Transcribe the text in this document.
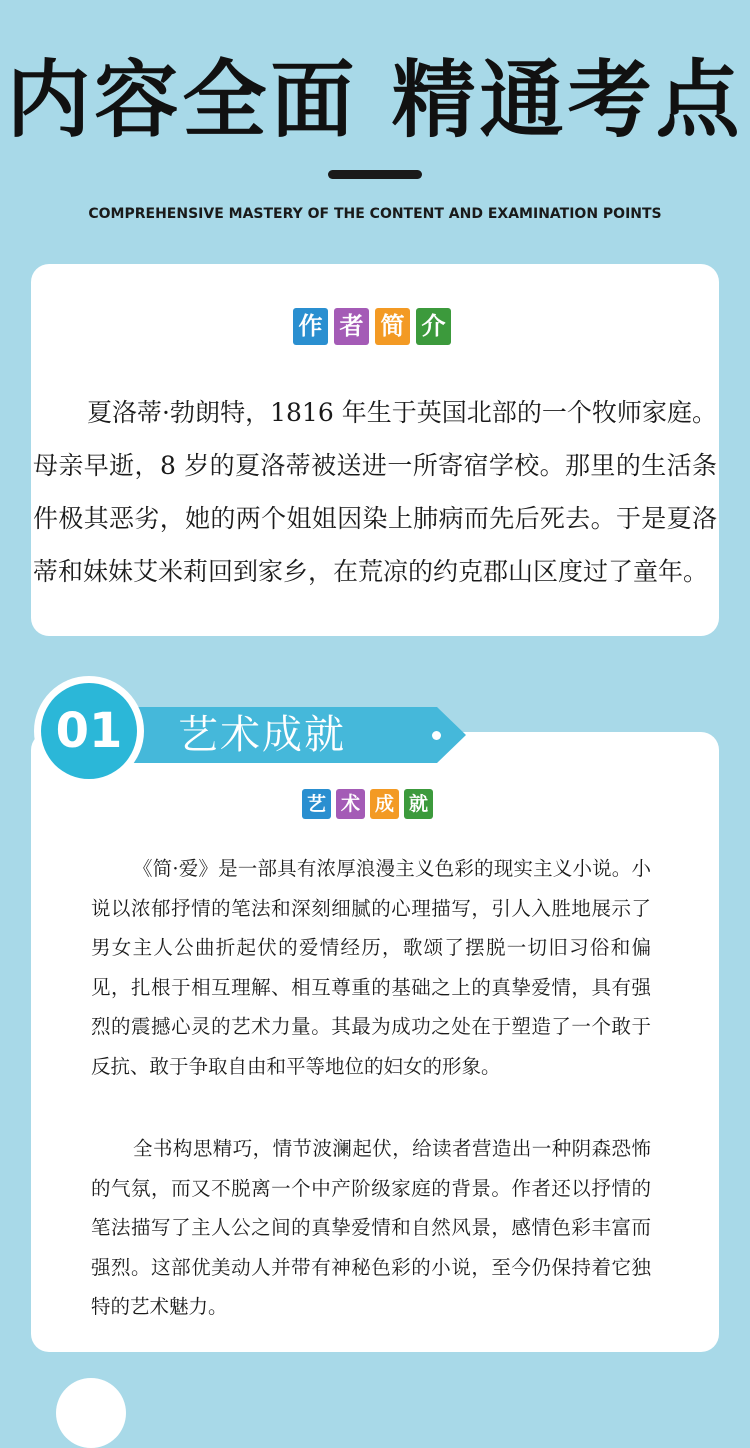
内容全面 精通考点
COMPREHENSIVE MASTERY OF THE CONTENT AND EXAMINATION POINTS
作 者 简 介
夏洛蒂·勃朗特，1816 年生于英国北部的一个牧师家庭。母亲早逝，8 岁的夏洛蒂被送进一所寄宿学校。那里的生活条件极其恶劣，她的两个姐姐因染上肺病而先后死去。于是夏洛蒂和妹妹艾米莉回到家乡，在荒凉的约克郡山区度过了童年。
艺 术 成 就
《简·爱》是一部具有浓厚浪漫主义色彩的现实主义小说。小说以浓郁抒情的笔法和深刻细腻的心理描写，引人入胜地展示了男女主人公曲折起伏的爱情经历，歌颂了摆脱一切旧习俗和偏见，扎根于相互理解、相互尊重的基础之上的真挚爱情，具有强烈的震撼心灵的艺术力量。其最为成功之处在于塑造了一个敢于反抗、敢于争取自由和平等地位的妇女的形象。
全书构思精巧，情节波澜起伏，给读者营造出一种阴森恐怖的气氛，而又不脱离一个中产阶级家庭的背景。作者还以抒情的笔法描写了主人公之间的真挚爱情和自然风景，感情色彩丰富而强烈。这部优美动人并带有神秘色彩的小说，至今仍保持着它独特的艺术魅力。
艺术成就
01
